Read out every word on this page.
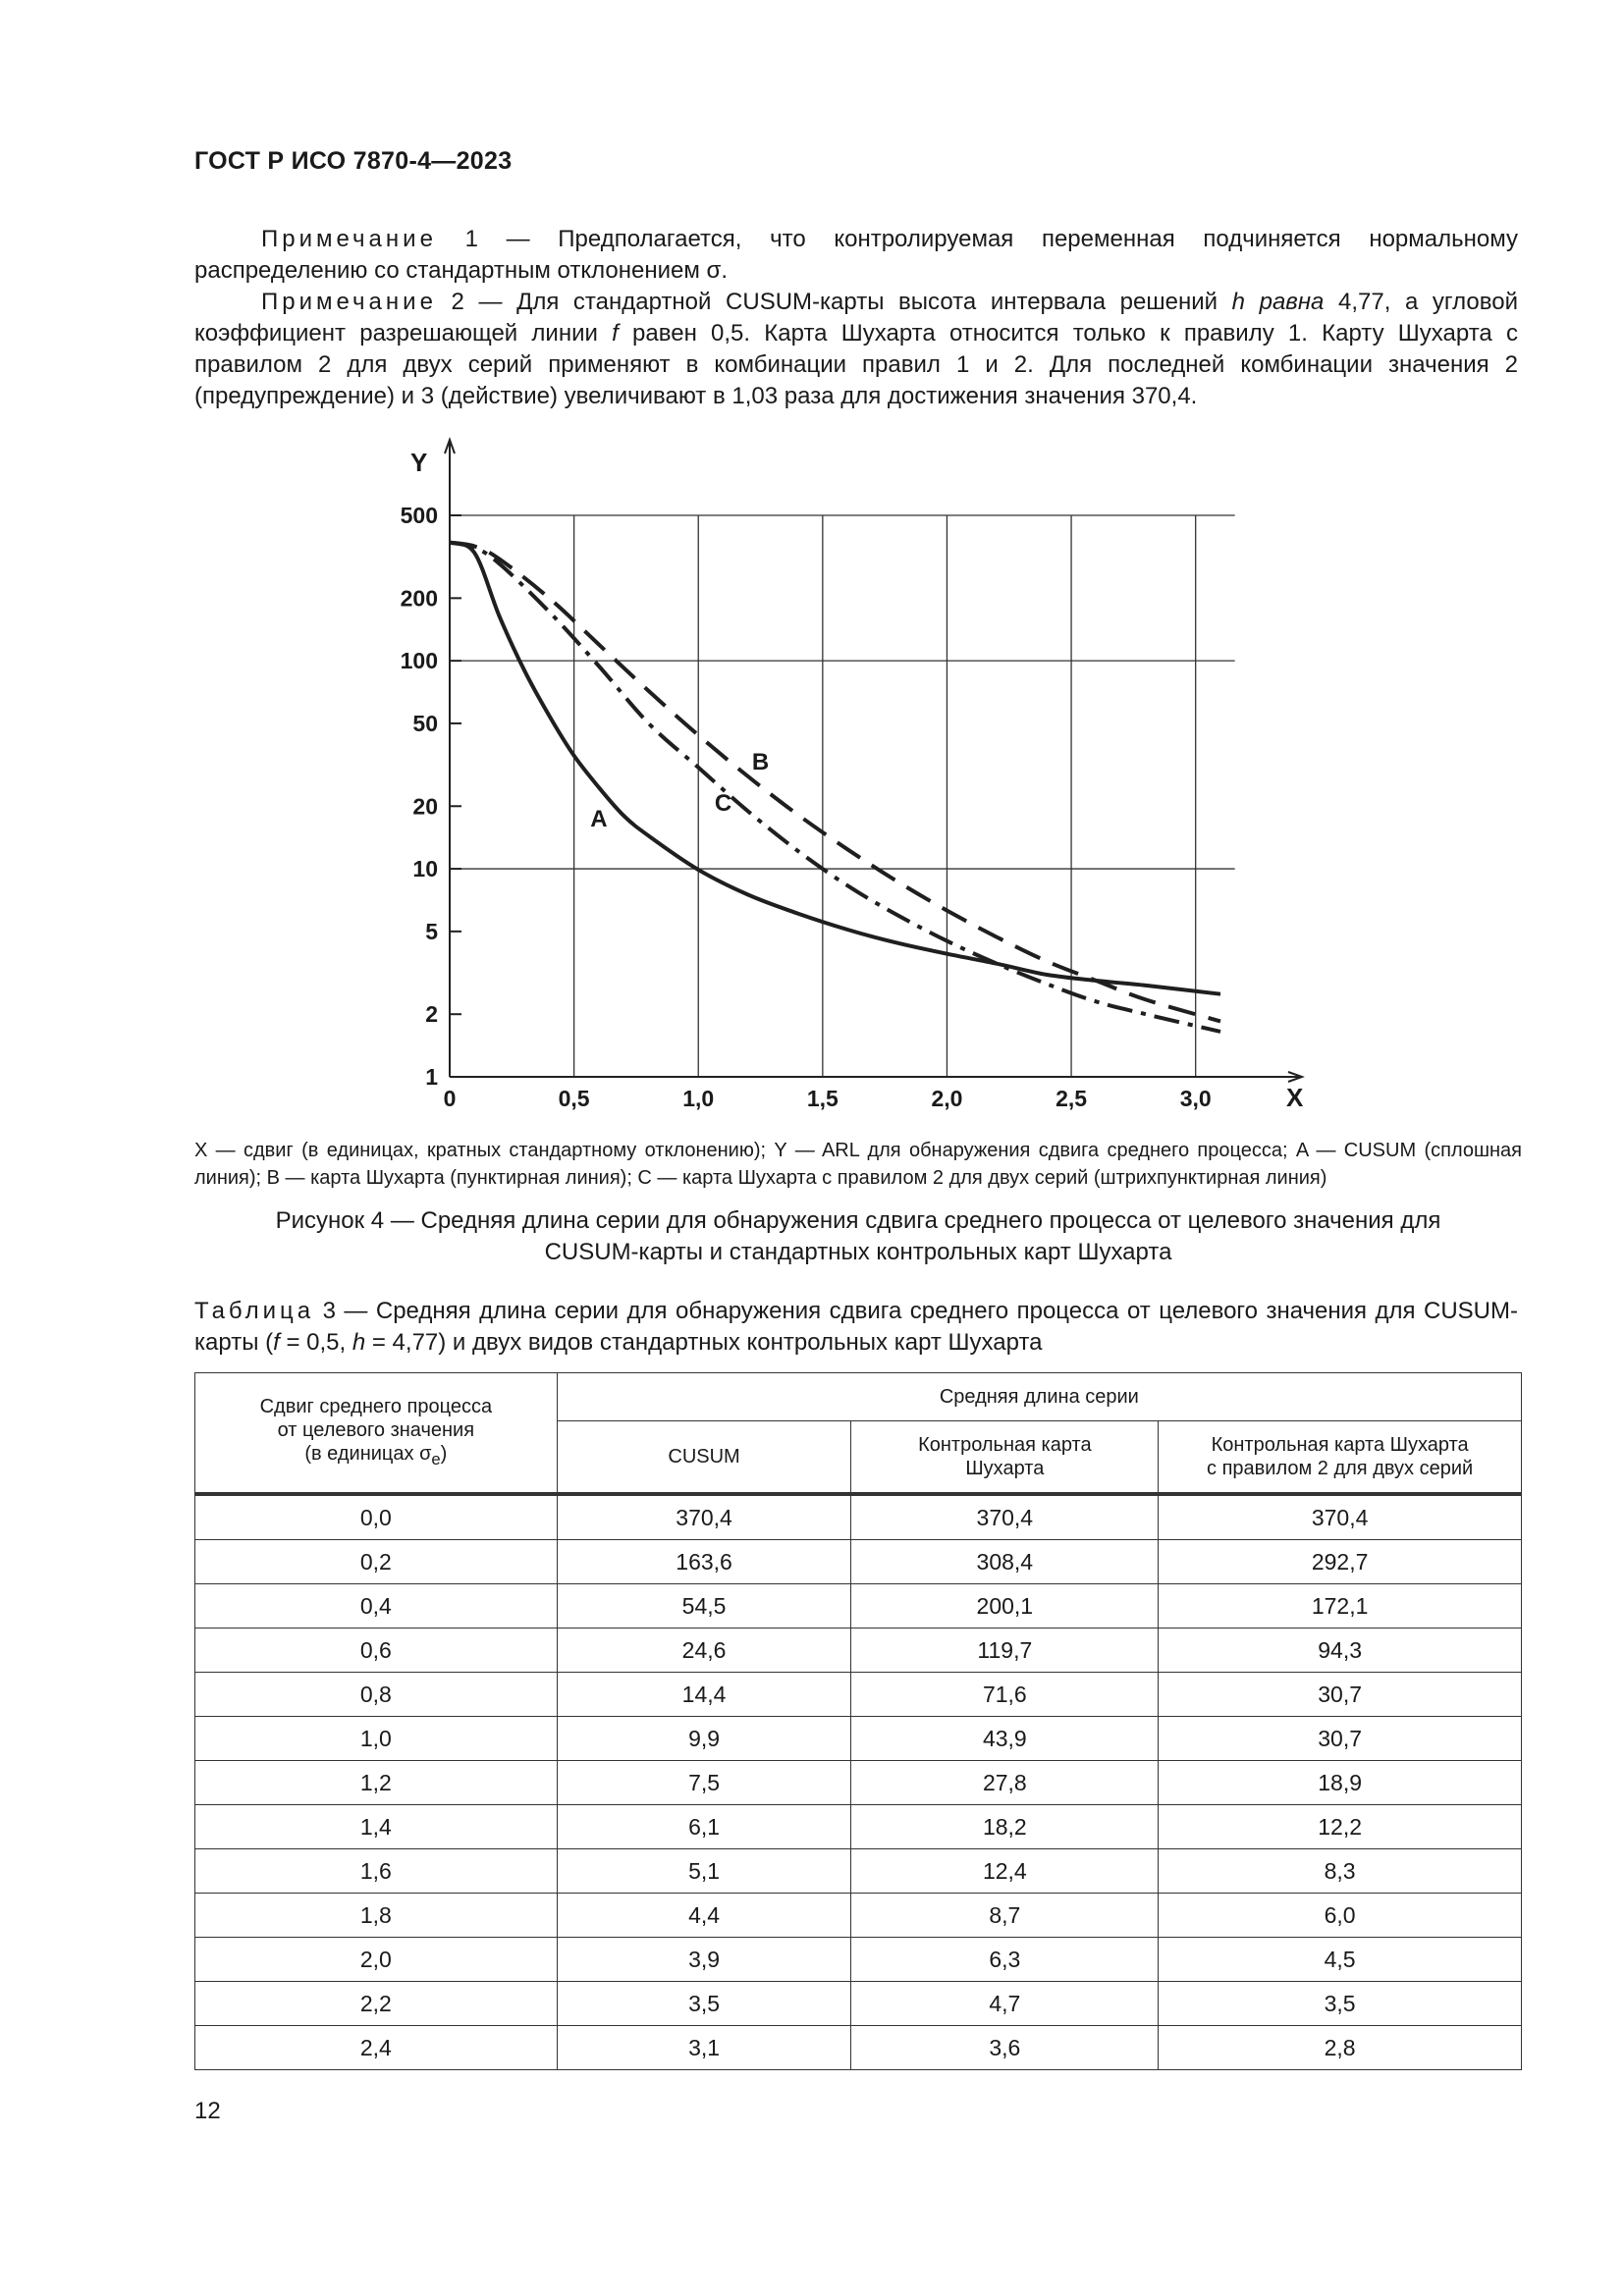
ГОСТ Р ИСО 7870-4—2023

Примечание 1 — Предполагается, что контролируемая переменная подчиняется нормальному распределению со стандартным отклонением σ.

Примечание 2 — Для стандартной CUSUM-карты высота интервала решений h равна 4,77, а угловой коэффициент разрешающей линии f равен 0,5. Карта Шухарта относится только к правилу 1. Карту Шухарта с правилом 2 для двух серий применяют в комбинации правил 1 и 2. Для последней комбинации значения 2 (предупреждение) и 3 (действие) увеличивают в 1,03 раза для достижения значения 370,4.

1
2
5
10
20
50
100
200
500
0	0,5	1,0	1,5	2,0	2,5	3,0
Y
X
A
B
C

X — сдвиг (в единицах, кратных стандартному отклонению); Y — ARL для обнаружения сдвига среднего процесса; A — CUSUM (сплошная линия); B — карта Шухарта (пунктирная линия); C — карта Шухарта с правилом 2 для двух серий (штрихпунктирная линия)

Рисунок 4 — Средняя длина серии для обнаружения сдвига среднего процесса от целевого значения для
CUSUM-карты и стандартных контрольных карт Шухарта

Таблица 3 — Средняя длина серии для обнаружения сдвига среднего процесса от целевого значения для CUSUM-карты (f = 0,5, h = 4,77) и двух видов стандартных контрольных карт Шухарта

Сдвиг среднего процесса
от целевого значения
(в единицах $\sigma_e$)	Средняя длина серии		
	CUSUM	Контрольная карта
Шухарта	Контрольная карта Шухарта
с правилом 2 для двух серий
0,0	370,4	370,4	370,4
0,2	163,6	308,4	292,7
0,4	54,5	200,1	172,1
0,6	24,6	119,7	94,3
0,8	14,4	71,6	30,7
1,0	9,9	43,9	30,7
1,2	7,5	27,8	18,9
1,4	6,1	18,2	12,2
1,6	5,1	12,4	8,3
1,8	4,4	8,7	6,0
2,0	3,9	6,3	4,5
2,2	3,5	4,7	3,5
2,4	3,1	3,6	2,8
12
